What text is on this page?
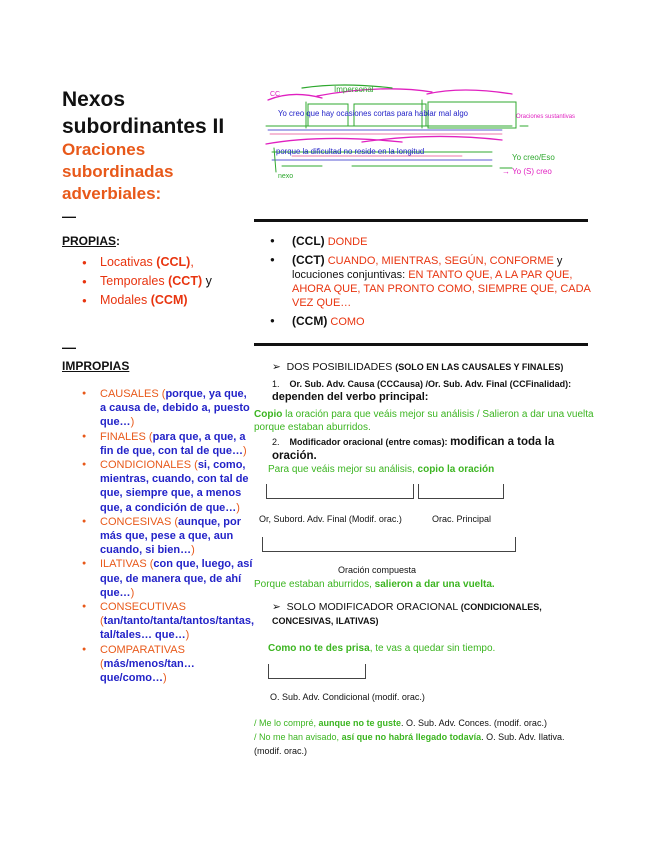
Nexos subordinantes II
Oraciones subordinadas adverbiales:
—
PROPIAS:
● Locativas (CCL),
● Temporales (CCT) y
● Modales (CCM)
—
IMPROPIAS
● CAUSALES (porque, ya que, a causa de, debido a, puesto que…)
● FINALES (para que, a que, a fin de que, con tal de que…)
● CONDICIONALES (si, como, mientras, cuando, con tal de que, siempre que, a menos que, a condición de que…)
● CONCESIVAS (aunque, por más que, pese a que, aun cuando, si bien…)
● ILATIVAS (con que, luego, así que, de manera que, de ahí que…)
● CONSECUTIVAS (tan/tanto/tanta/tantos/tantas, tal/tales… que…)
● COMPARATIVAS (más/menos/tan… que/como…)
Impersonal
CC
Yo creo que hay ocasiones cortas para hablar mal algo
porque la dificultad no reside en la longitud
Oraciones sustantivas
Yo creo/Eso
→ Yo (S) creo
nexo
● (CCL) DONDE
● (CCT) CUANDO, MIENTRAS, SEGÚN, CONFORME y
locuciones conjuntivas: EN TANTO QUE, A LA PAR QUE, AHORA QUE, TAN PRONTO COMO, SIEMPRE QUE, CADA VEZ QUE…
● (CCM) COMO
➢ DOS POSIBILIDADES (SOLO EN LAS CAUSALES Y FINALES)
1. Or. Sub. Adv. Causa (CCCausa) /Or. Sub. Adv. Final (CCFinalidad): dependen del verbo principal:
Copio la oración para que veáis mejor su análisis / Salieron a dar una vuelta porque estaban aburridos.
2. Modificador oracional (entre comas): modifican a toda la oración.
Para que veáis mejor su análisis, copio la oración
Or, Subord. Adv. Final (Modif. orac.)	Orac. Principal
Oración compuesta
Porque estaban aburridos, salieron a dar una vuelta.
➢ SOLO MODIFICADOR ORACIONAL (CONDICIONALES, CONCESIVAS, ILATIVAS)
Como no te des prisa, te vas a quedar sin tiempo.
O. Sub. Adv. Condicional (modif. orac.)
/ Me lo compré, aunque no te guste. O. Sub. Adv. Conces. (modif. orac.)
/ No me han avisado, así que no habrá llegado todavía. O. Sub. Adv. Ilativa. (modif. orac.)
